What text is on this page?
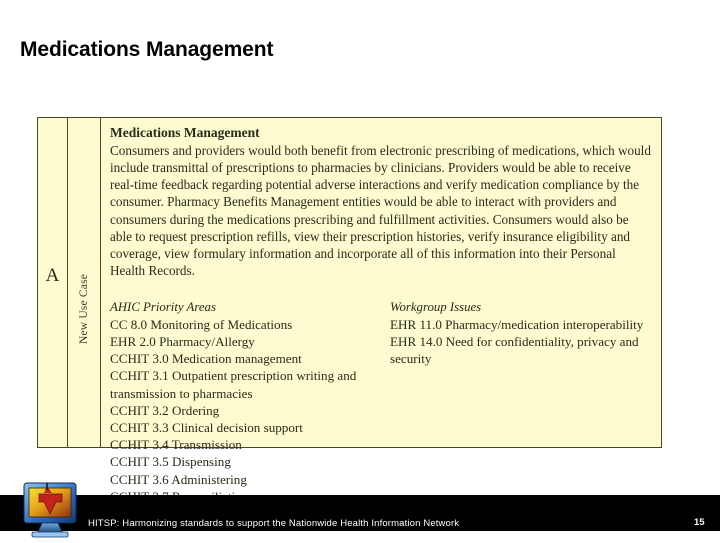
Medications Management
A	New Use Case
Medications Management

Consumers and providers would both benefit from electronic prescribing of medications, which would include transmittal of prescriptions to pharmacies by clinicians. Providers would be able to receive real-time feedback regarding potential adverse interactions and verify medication compliance by the consumer. Pharmacy Benefits Management entities would be able to interact with providers and consumers during the medications prescribing and fulfillment activities. Consumers would also be able to request prescription refills, view their prescription histories, verify insurance eligibility and coverage, view formulary information and incorporate all of this information into their Personal Health Records.

AHIC Priority Areas
CC 8.0 Monitoring of Medications
EHR 2.0 Pharmacy/Allergy
CCHIT 3.0 Medication management
CCHIT 3.1 Outpatient prescription writing and transmission to pharmacies
CCHIT 3.2 Ordering
CCHIT 3.3 Clinical decision support
CCHIT 3.4 Transmission
CCHIT 3.5 Dispensing
CCHIT 3.6 Administering
Workgroup Issues
EHR 11.0 Pharmacy/medication interoperability
EHR 14.0 Need for confidentiality, privacy and security
HITSP: Harmonizing standards to support the Nationwide Health Information Network	15
